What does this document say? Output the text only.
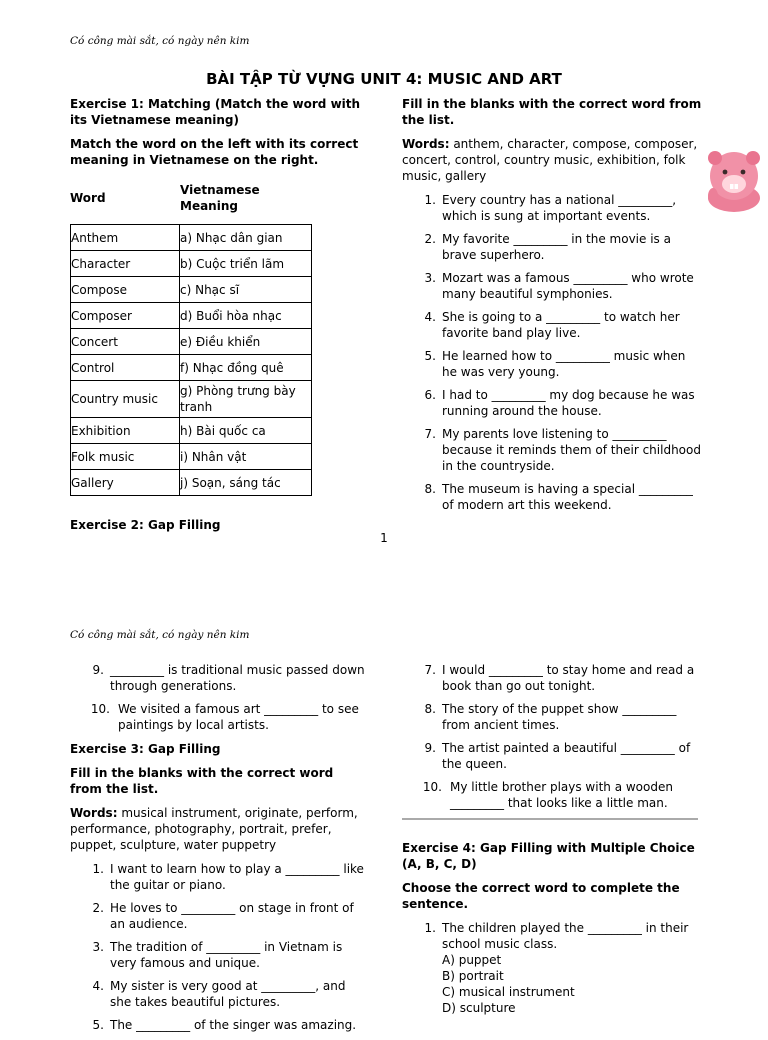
Có công mài sắt, có ngày nên kim
BÀI TẬP TỪ VỰNG UNIT 4: MUSIC AND ART
Exercise 1: Matching (Match the word with its Vietnamese meaning)
Match the word on the left with its correct meaning in Vietnamese on the right.
Word
Vietnamese Meaning
Anthem	a) Nhạc dân gian
Character	b) Cuộc triển lãm
Compose	c) Nhạc sĩ
Composer	d) Buổi hòa nhạc
Concert	e) Điều khiển
Control	f) Nhạc đồng quê
Country music	g) Phòng trưng bày tranh
Exhibition	h) Bài quốc ca
Folk music	i) Nhân vật
Gallery	j) Soạn, sáng tác
Exercise 2: Gap Filling
Fill in the blanks with the correct word from the list.
Words: anthem, character, compose, composer, concert, control, country music, exhibition, folk music, gallery
1. Every country has a national _________, which is sung at important events.
2. My favorite _________ in the movie is a brave superhero.
3. Mozart was a famous _________ who wrote many beautiful symphonies.
4. She is going to a _________ to watch her favorite band play live.
5. He learned how to _________ music when he was very young.
6. I had to _________ my dog because he was running around the house.
7. My parents love listening to _________ because it reminds them of their childhood in the countryside.
8. The museum is having a special _________ of modern art this weekend.
1
Có công mài sắt, có ngày nên kim
9. _________ is traditional music passed down through generations.
10. We visited a famous art _________ to see paintings by local artists.
Exercise 3: Gap Filling
Fill in the blanks with the correct word from the list.
Words: musical instrument, originate, perform, performance, photography, portrait, prefer, puppet, sculpture, water puppetry
1. I want to learn how to play a _________ like the guitar or piano.
2. He loves to _________ on stage in front of an audience.
3. The tradition of _________ in Vietnam is very famous and unique.
4. My sister is very good at _________, and she takes beautiful pictures.
5. The _________ of the singer was amazing.
7. I would _________ to stay home and read a book than go out tonight.
8. The story of the puppet show _________ from ancient times.
9. The artist painted a beautiful _________ of the queen.
10. My little brother plays with a wooden _________ that looks like a little man.
Exercise 4: Gap Filling with Multiple Choice (A, B, C, D)
Choose the correct word to complete the sentence.
1. The children played the _________ in their school music class.
A) puppet
B) portrait
C) musical instrument
D) sculpture
